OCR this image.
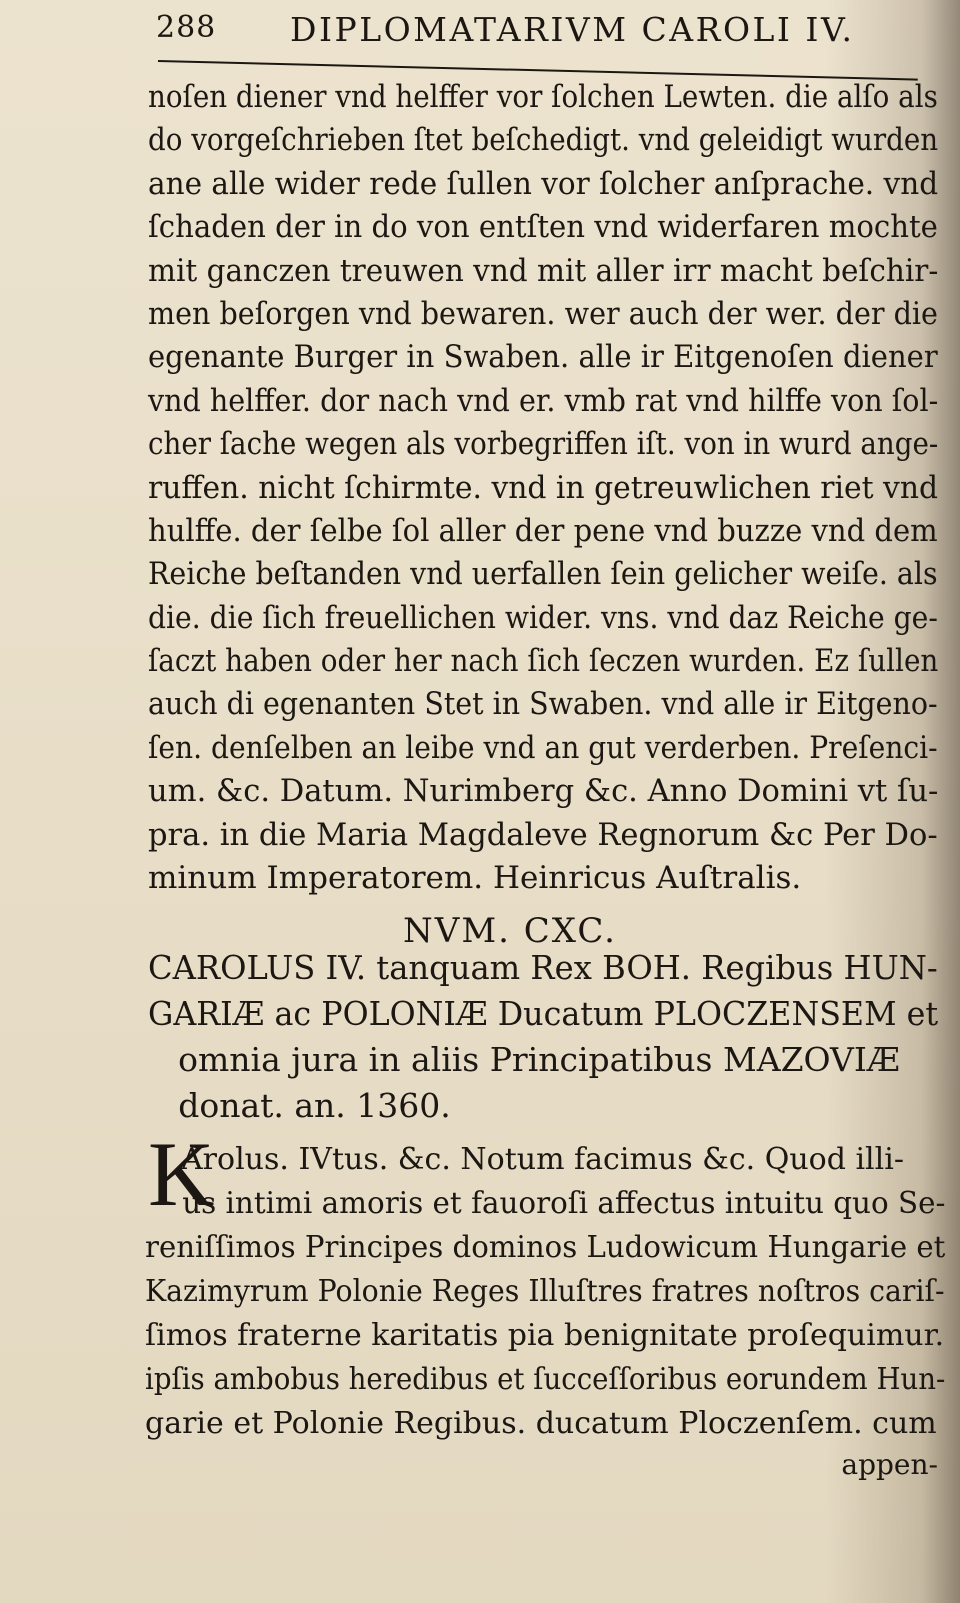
288 DIPLOMATARIVM CAROLI IV.
noſen diener vnd helffer vor ſolchen Lewten. die alſo als
do vorgeſchrieben ſtet beſchedigt. vnd geleidigt wurden
ane alle wider rede ſullen vor ſolcher anſprache. vnd
ſchaden der in do von entſten vnd widerfaren mochte
mit ganczen treuwen vnd mit aller irr macht beſchir-
men beſorgen vnd bewaren. wer auch der wer. der die
egenante Burger in Swaben. alle ir Eitgenoſen diener
vnd helffer. dor nach vnd er. vmb rat vnd hilffe von ſol-
cher ſache wegen als vorbegriffen iſt. von in wurd ange-
ruffen. nicht ſchirmte. vnd in getreuwlichen riet vnd
hulffe. der ſelbe ſol aller der pene vnd buzze vnd dem
Reiche beſtanden vnd uerfallen ſein gelicher weiſe. als
die. die ſich freuellichen wider. vns. vnd daz Reiche ge-
ſaczt haben oder her nach ſich ſeczen wurden. Ez ſullen
auch di egenanten Stet in Swaben. vnd alle ir Eitgeno-
ſen. denſelben an leibe vnd an gut verderben. Preſenci-
um. &c. Datum. Nurimberg &c. Anno Domini vt ſu-
pra. in die Maria Magdaleve Regnorum &c Per Do-
minum Imperatorem. Heinricus Auſtralis.
NVM. CXC.
CAROLUS IV. tanquam Rex BOH. Regibus HUN-
GARIÆ ac POLONIÆ Ducatum PLOCZENSEM et
omnia jura in aliis Principatibus MAZOVIÆ
donat. an. 1360.
K
Arolus. IVtus. &c. Notum facimus &c. Quod illi-
us intimi amoris et fauoroſi affectus intuitu quo Se-
reniſſimos Principes dominos Ludowicum Hungarie et
Kazimyrum Polonie Reges Illuſtres fratres noſtros cariſ-
ſimos fraterne karitatis pia benignitate proſequimur.
ipſis ambobus heredibus et ſucceſſoribus eorundem Hun-
garie et Polonie Regibus. ducatum Ploczenſem. cum
appen-
